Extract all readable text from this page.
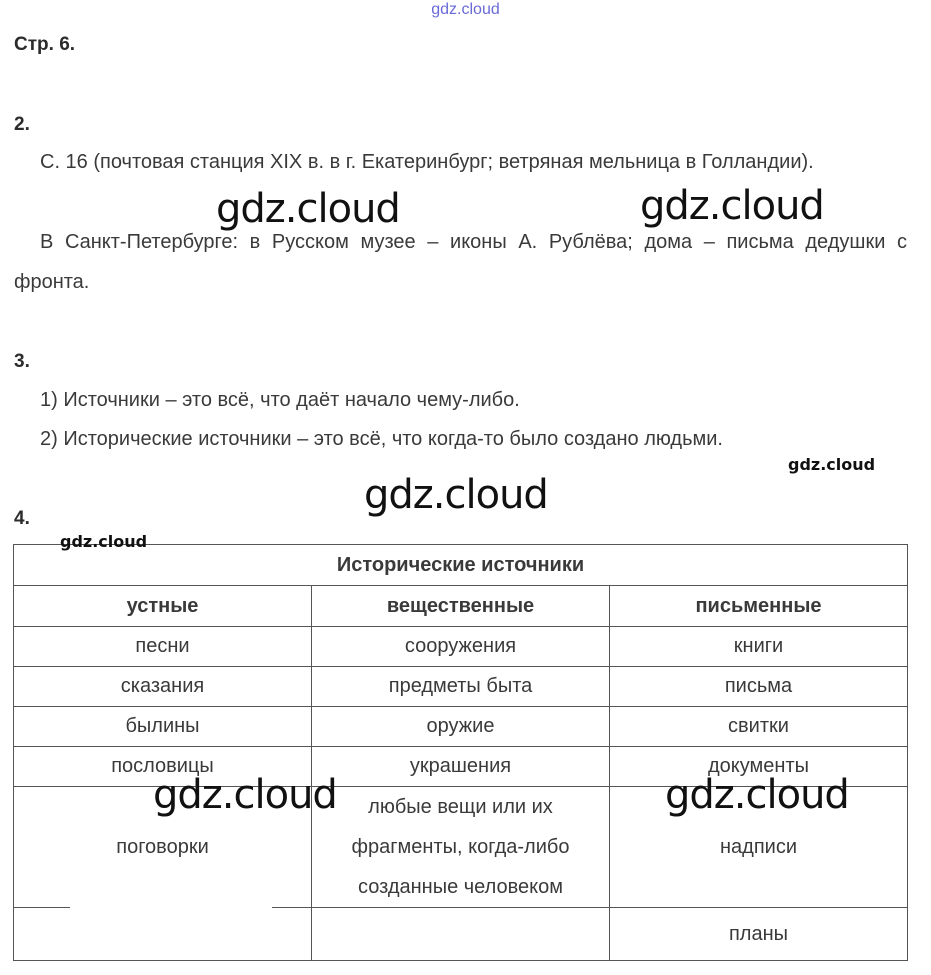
gdz.cloud
Стр. 6.
2.

С. 16 (почтовая станция XIX в. в г. Екатеринбург; ветряная мельница в Голландии).

В Санкт-Петербурге: в Русском музее – иконы А. Рублёва; дома – письма дедушки с фронта.

3.
1) Источники – это всё, что даёт начало чему-либо.
2) Исторические источники – это всё, что когда-то было создано людьми.
4.
Исторические источники		
устные	вещественные	письменные
песни	сооружения	книги
сказания	предметы быта	письма
былины	оружие	свитки
пословицы	украшения	документы
поговорки	любые вещи или их фрагменты, когда-либо созданные человеком	надписи
		планы
gdz.cloud	gdz.cloud
gdz.cloud
gdz.cloud	gdz.cloud
gdz.cloud
gdz.cloud
